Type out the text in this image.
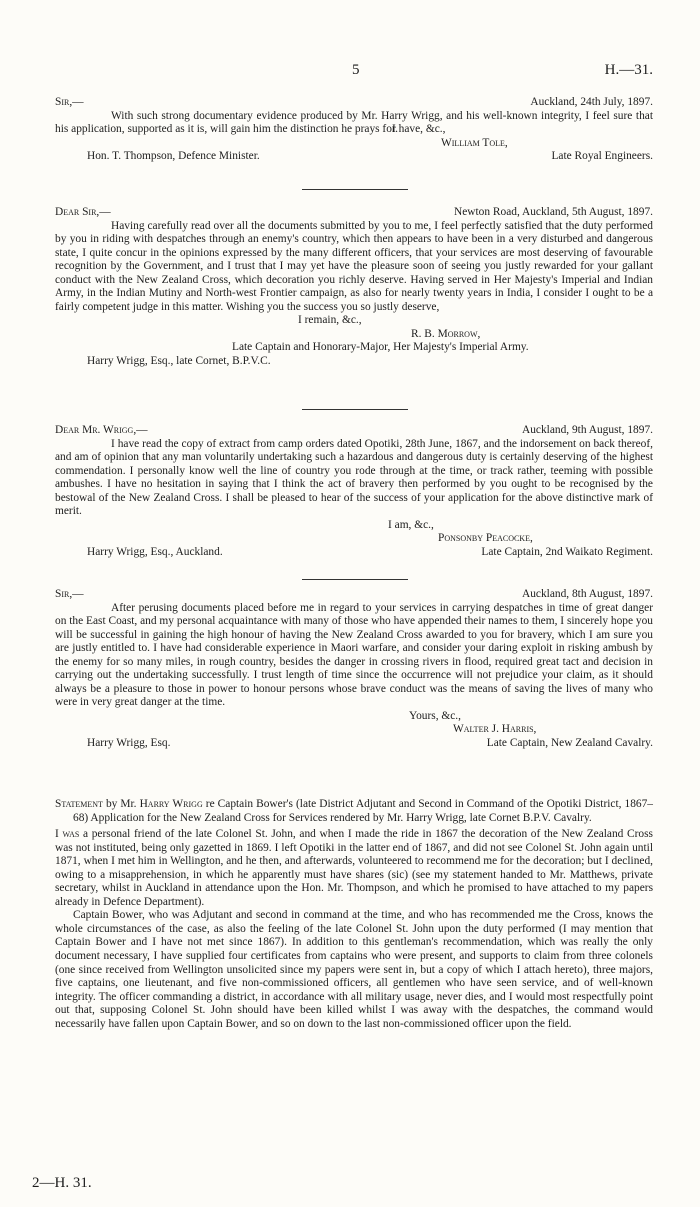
5	H.—31.
Sir,—	Auckland, 24th July, 1897.

With such strong documentary evidence produced by Mr. Harry Wrigg, and his well-known integrity, I feel sure that his application, supported as it is, will gain him the distinction he prays for.

I have, &c.,
William Tole,
Hon. T. Thompson, Defence Minister.	Late Royal Engineers.
Dear Sir,—	Newton Road, Auckland, 5th August, 1897.

Having carefully read over all the documents submitted by you to me, I feel perfectly satisfied that the duty performed by you in riding with despatches through an enemy's country, which then appears to have been in a very disturbed and dangerous state, I quite concur in the opinions expressed by the many different officers, that your services are most deserving of favourable recognition by the Government, and I trust that I may yet have the pleasure soon of seeing you justly rewarded for your gallant conduct with the New Zealand Cross, which decoration you richly deserve. Having served in Her Majesty's Imperial and Indian Army, in the Indian Mutiny and North-west Frontier campaign, as also for nearly twenty years in India, I consider I ought to be a fairly competent judge in this matter. Wishing you the success you so justly deserve,

I remain, &c.,
R. B. Morrow,
Late Captain and Honorary-Major, Her Majesty's Imperial Army.
Harry Wrigg, Esq., late Cornet, B.P.V.C.
Dear Mr. Wrigg,—	Auckland, 9th August, 1897.

I have read the copy of extract from camp orders dated Opotiki, 28th June, 1867, and the indorsement on back thereof, and am of opinion that any man voluntarily undertaking such a hazardous and dangerous duty is certainly deserving of the highest commendation. I personally know well the line of country you rode through at the time, or track rather, teeming with possible ambushes. I have no hesitation in saying that I think the act of bravery then performed by you ought to be recognised by the bestowal of the New Zealand Cross. I shall be pleased to hear of the success of your application for the above distinctive mark of merit.

I am, &c.,
Ponsonby Peacocke,
Harry Wrigg, Esq., Auckland.	Late Captain, 2nd Waikato Regiment.
Sir,—	Auckland, 8th August, 1897.

After perusing documents placed before me in regard to your services in carrying despatches in time of great danger on the East Coast, and my personal acquaintance with many of those who have appended their names to them, I sincerely hope you will be successful in gaining the high honour of having the New Zealand Cross awarded to you for bravery, which I am sure you are justly entitled to. I have had considerable experience in Maori warfare, and consider your daring exploit in risking ambush by the enemy for so many miles, in rough country, besides the danger in crossing rivers in flood, required great tact and decision in carrying out the undertaking successfully. I trust length of time since the occurrence will not prejudice your claim, as it should always be a pleasure to those in power to honour persons whose brave conduct was the means of saving the lives of many who were in very great danger at the time.

Yours, &c.,
Walter J. Harris,
Harry Wrigg, Esq.	Late Captain, New Zealand Cavalry.

Statement by Mr. Harry Wrigg re Captain Bower's (late District Adjutant and Second in Command of the Opotiki District, 1867–68) Application for the New Zealand Cross for Services rendered by Mr. Harry Wrigg, late Cornet B.P.V. Cavalry.

I was a personal friend of the late Colonel St. John, and when I made the ride in 1867 the decoration of the New Zealand Cross was not instituted, being only gazetted in 1869. I left Opotiki in the latter end of 1867, and did not see Colonel St. John again until 1871, when I met him in Wellington, and he then, and afterwards, volunteered to recommend me for the decoration; but I declined, owing to a misapprehension, in which he apparently must have shares (sic) (see my statement handed to Mr. Matthews, private secretary, whilst in Auckland in attendance upon the Hon. Mr. Thompson, and which he promised to have attached to my papers already in Defence Department).

Captain Bower, who was Adjutant and second in command at the time, and who has recommended me the Cross, knows the whole circumstances of the case, as also the feeling of the late Colonel St. John upon the duty performed (I may mention that Captain Bower and I have not met since 1867). In addition to this gentleman's recommendation, which was really the only document necessary, I have supplied four certificates from captains who were present, and supports to claim from three colonels (one since received from Wellington unsolicited since my papers were sent in, but a copy of which I attach hereto), three majors, five captains, one lieutenant, and five non-commissioned officers, all gentlemen who have seen service, and of well-known integrity. The officer commanding a district, in accordance with all military usage, never dies, and I would most respectfully point out that, supposing Colonel St. John should have been killed whilst I was away with the despatches, the command would necessarily have fallen upon Captain Bower, and so on down to the last non-commissioned officer upon the field.

2—H. 31.
